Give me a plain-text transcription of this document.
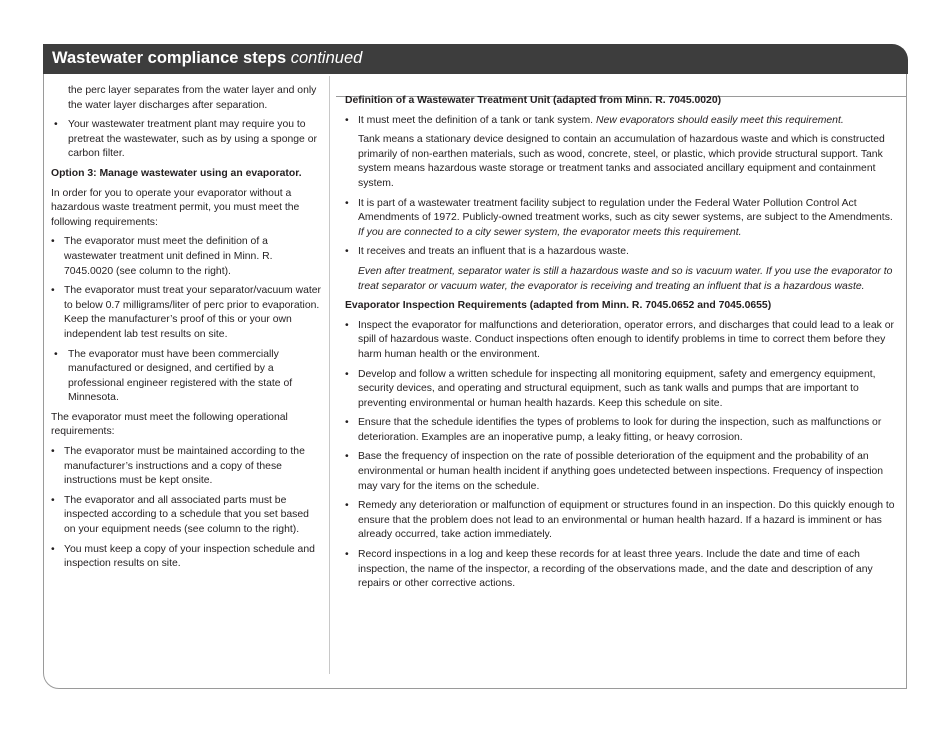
Wastewater compliance steps continued

the perc layer separates from the water layer and only the water layer discharges after separation.

• Your wastewater treatment plant may require you to pretreat the wastewater, such as by using a sponge or carbon filter.

Option 3: Manage wastewater using an evaporator.

In order for you to operate your evaporator without a hazardous waste treatment permit, you must meet the following requirements:

• The evaporator must meet the definition of a wastewater treatment unit defined in Minn. R. 7045.0020 (see column to the right).
• The evaporator must treat your separator/vacuum water to below 0.7 milligrams/liter of perc prior to evaporation. Keep the manufacturer’s proof of this or your own independent lab test results on site.
• The evaporator must have been commercially manufactured or designed, and certified by a professional engineer registered with the state of Minnesota.

The evaporator must meet the following operational requirements:

• The evaporator must be maintained according to the manufacturer’s instructions and a copy of these instructions must be kept onsite.
• The evaporator and all associated parts must be inspected according to a schedule that you set based on your equipment needs (see column to the right).
• You must keep a copy of your inspection schedule and inspection results on site.

Definition of a Wastewater Treatment Unit (adapted from Minn. R. 7045.0020)

• It must meet the definition of a tank or tank system. New evaporators should easily meet this requirement.

Tank means a stationary device designed to contain an accumulation of hazardous waste and which is constructed primarily of non-earthen materials, such as wood, concrete, steel, or plastic, which provide structural support. Tank system means hazardous waste storage or treatment tanks and associated ancillary equipment and containment system.

• It is part of a wastewater treatment facility subject to regulation under the Federal Water Pollution Control Act Amendments of 1972. Publicly-owned treatment works, such as city sewer systems, are subject to the Amendments. If you are connected to a city sewer system, the evaporator meets this requirement.
• It receives and treats an influent that is a hazardous waste.

Even after treatment, separator water is still a hazardous waste and so is vacuum water. If you use the evaporator to treat separator or vacuum water, the evaporator is receiving and treating an influent that is a hazardous waste.

Evaporator Inspection Requirements (adapted from Minn. R. 7045.0652 and 7045.0655)

• Inspect the evaporator for malfunctions and deterioration, operator errors, and discharges that could lead to a leak or spill of hazardous waste. Conduct inspections often enough to identify problems in time to correct them before they harm human health or the environment.
• Develop and follow a written schedule for inspecting all monitoring equipment, safety and emergency equipment, security devices, and operating and structural equipment, such as tank walls and pumps that are important to preventing environmental or human health hazards. Keep this schedule on site.
• Ensure that the schedule identifies the types of problems to look for during the inspection, such as malfunctions or deterioration. Examples are an inoperative pump, a leaky fitting, or heavy corrosion.
• Base the frequency of inspection on the rate of possible deterioration of the equipment and the probability of an environmental or human health incident if anything goes undetected between inspections. Frequency of inspection may vary for the items on the schedule.
• Remedy any deterioration or malfunction of equipment or structures found in an inspection. Do this quickly enough to ensure that the problem does not lead to an environmental or human health hazard. If a hazard is imminent or has already occurred, take action immediately.
• Record inspections in a log and keep these records for at least three years. Include the date and time of each inspection, the name of the inspector, a recording of the observations made, and the date and description of any repairs or other corrective actions.
